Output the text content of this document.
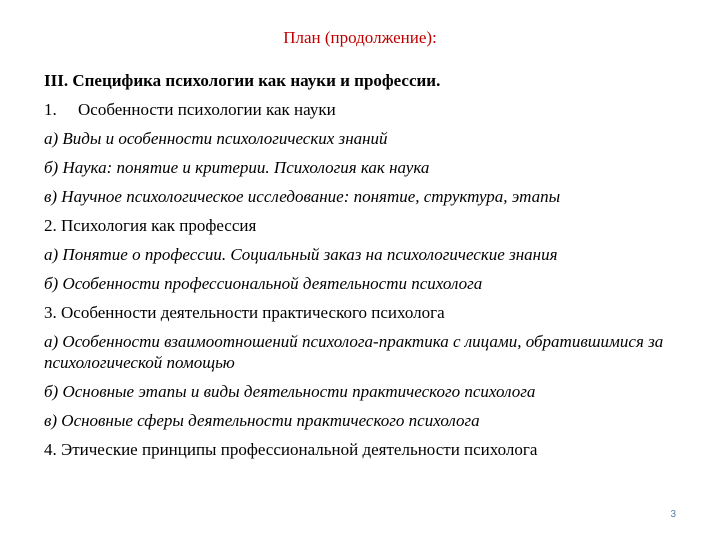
План (продолжение):
III. Специфика психологии как науки и профессии.
1. Особенности психологии как науки
а) Виды и особенности психологических знаний
б) Наука: понятие и критерии. Психология как наука
в) Научное психологическое исследование: понятие, структура, этапы
2. Психология как профессия
а) Понятие о профессии. Социальный заказ на психологические знания
б) Особенности профессиональной деятельности психолога
3. Особенности деятельности практического психолога
а) Особенности взаимоотношений психолога-практика с лицами, обратившимися за психологической помощью
б) Основные этапы и виды деятельности практического психолога
в) Основные сферы деятельности практического психолога
4. Этические принципы профессиональной деятельности психолога
3
